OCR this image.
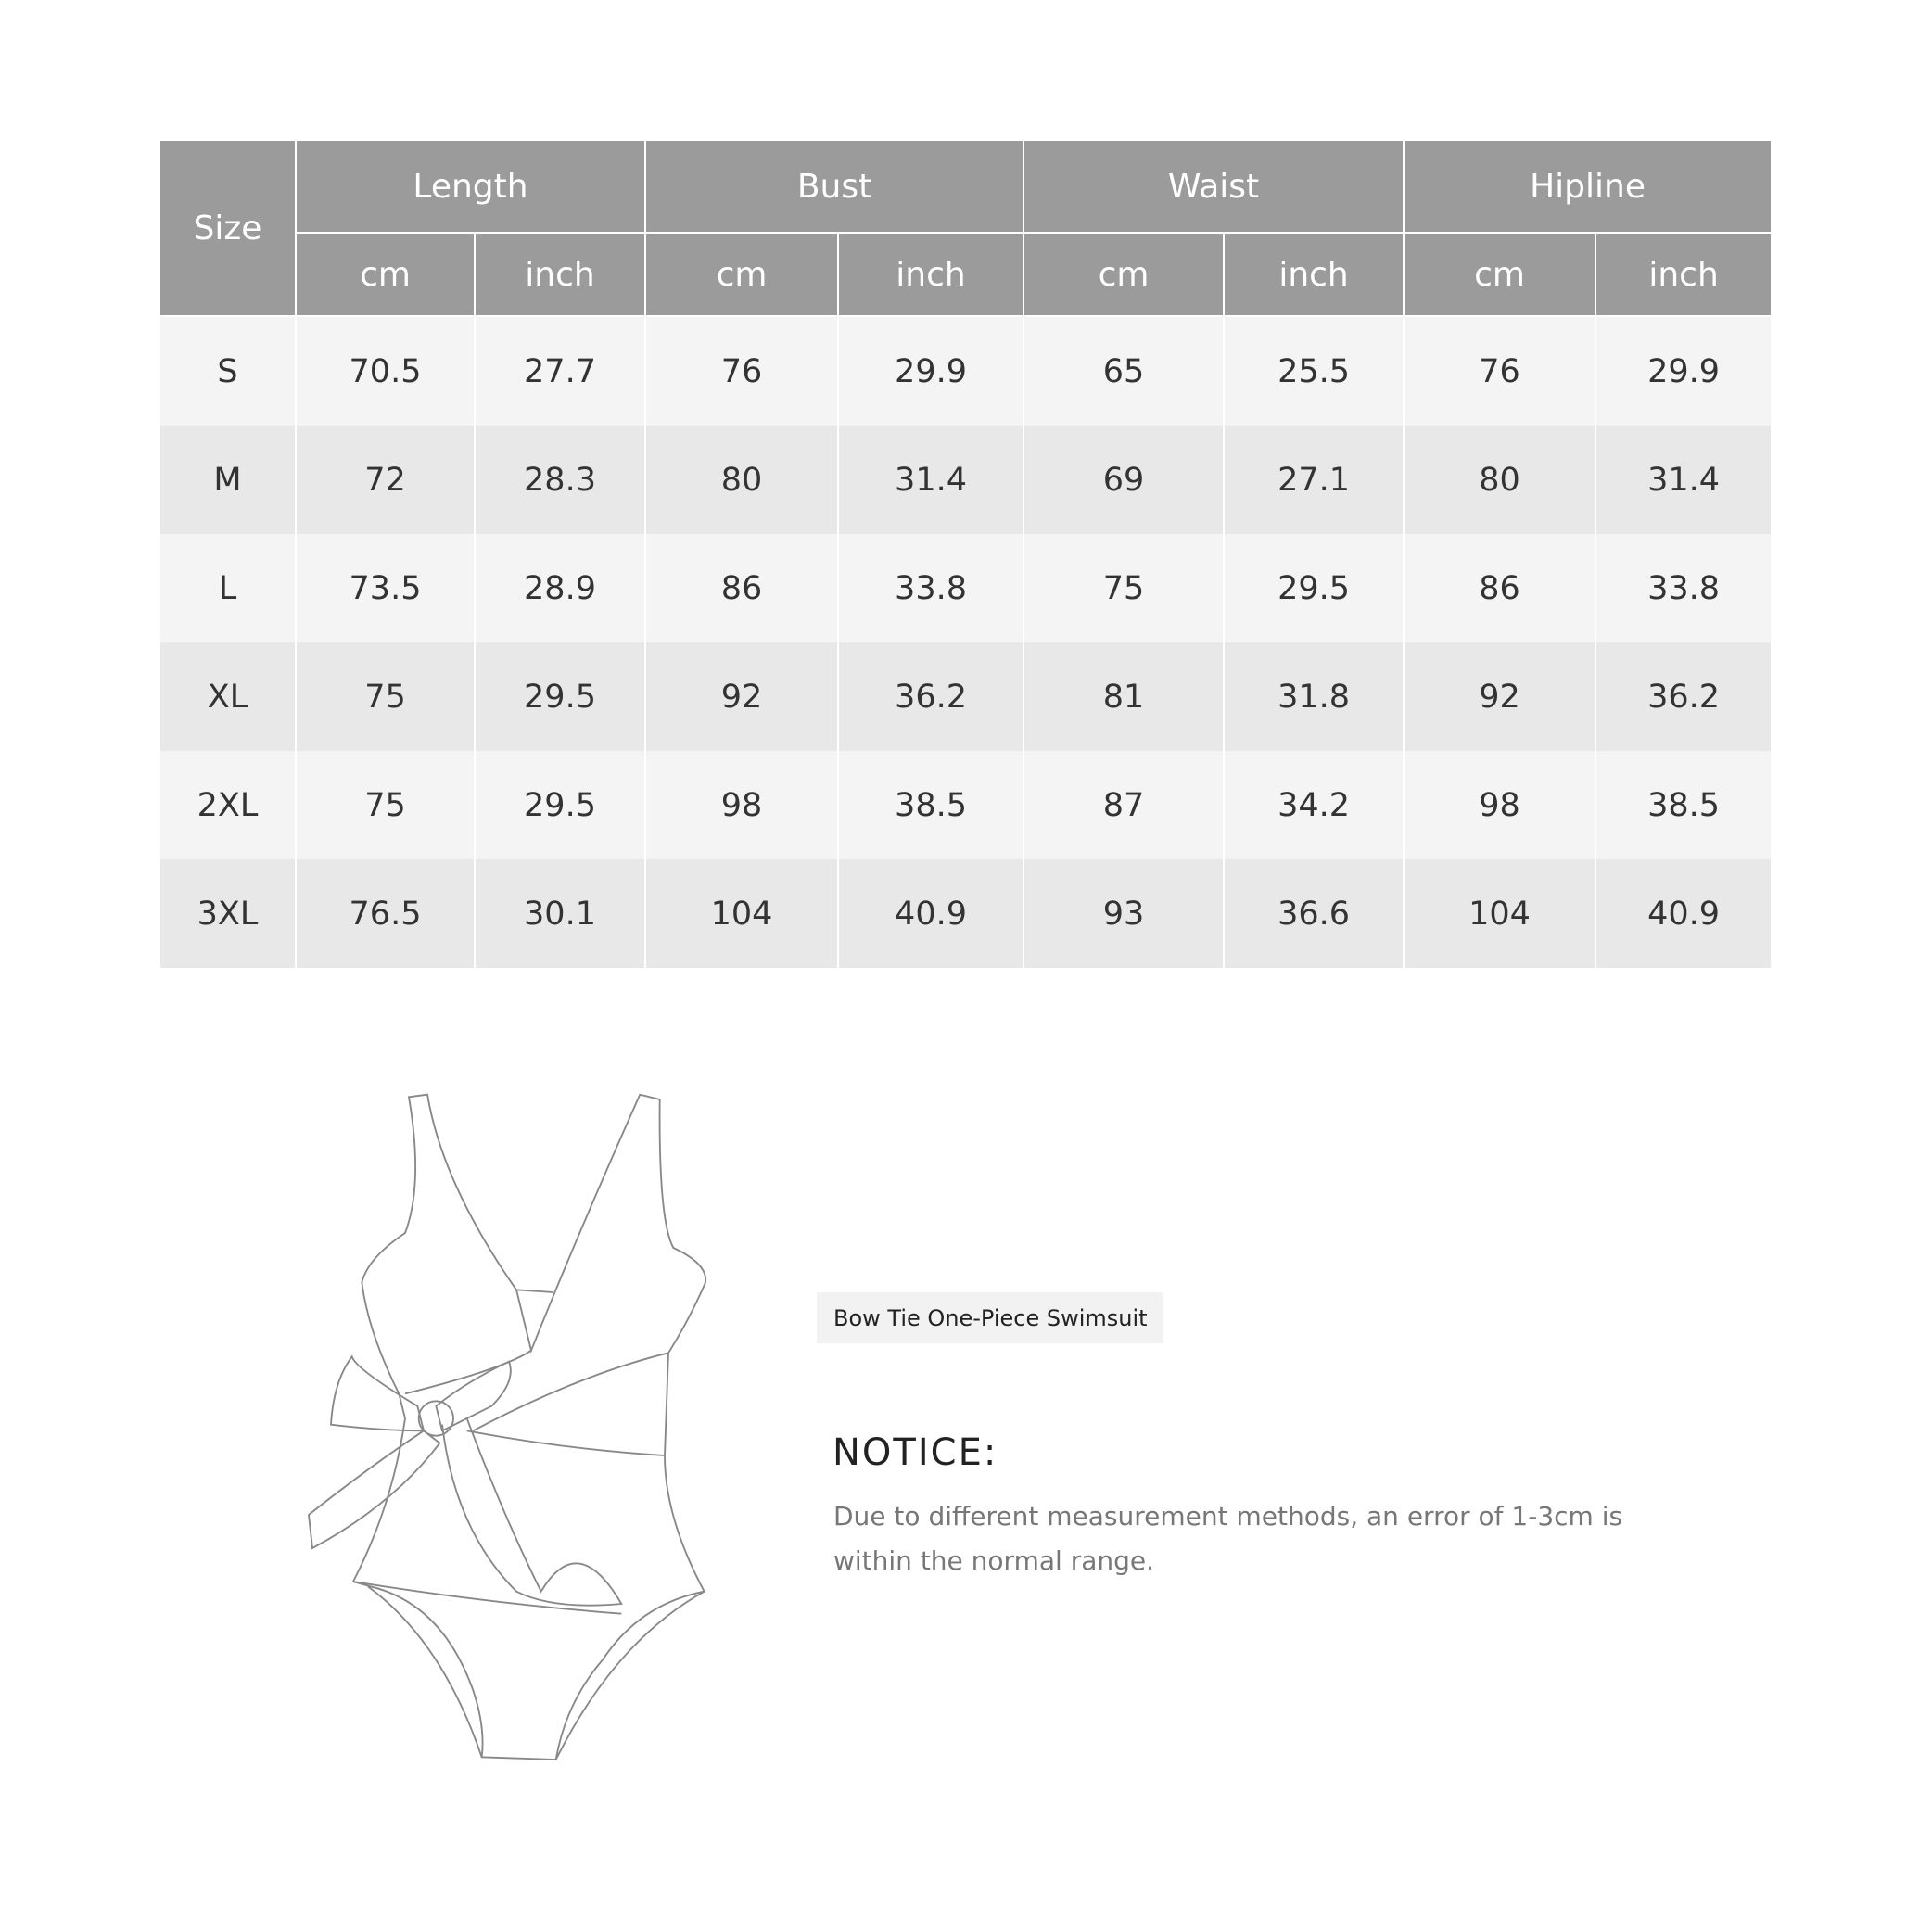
Size	Length		Bust		Waist		Hipline	
	cm	inch	cm	inch	cm	inch	cm	inch
S	70.5	27.7	76	29.9	65	25.5	76	29.9
M	72	28.3	80	31.4	69	27.1	80	31.4
L	73.5	28.9	86	33.8	75	29.5	86	33.8
XL	75	29.5	92	36.2	81	31.8	92	36.2
2XL	75	29.5	98	38.5	87	34.2	98	38.5
3XL	76.5	30.1	104	40.9	93	36.6	104	40.9
Bow Tie One-Piece Swimsuit
NOTICE:
Due to different measurement methods, an error of 1-3cm is within the normal range.
